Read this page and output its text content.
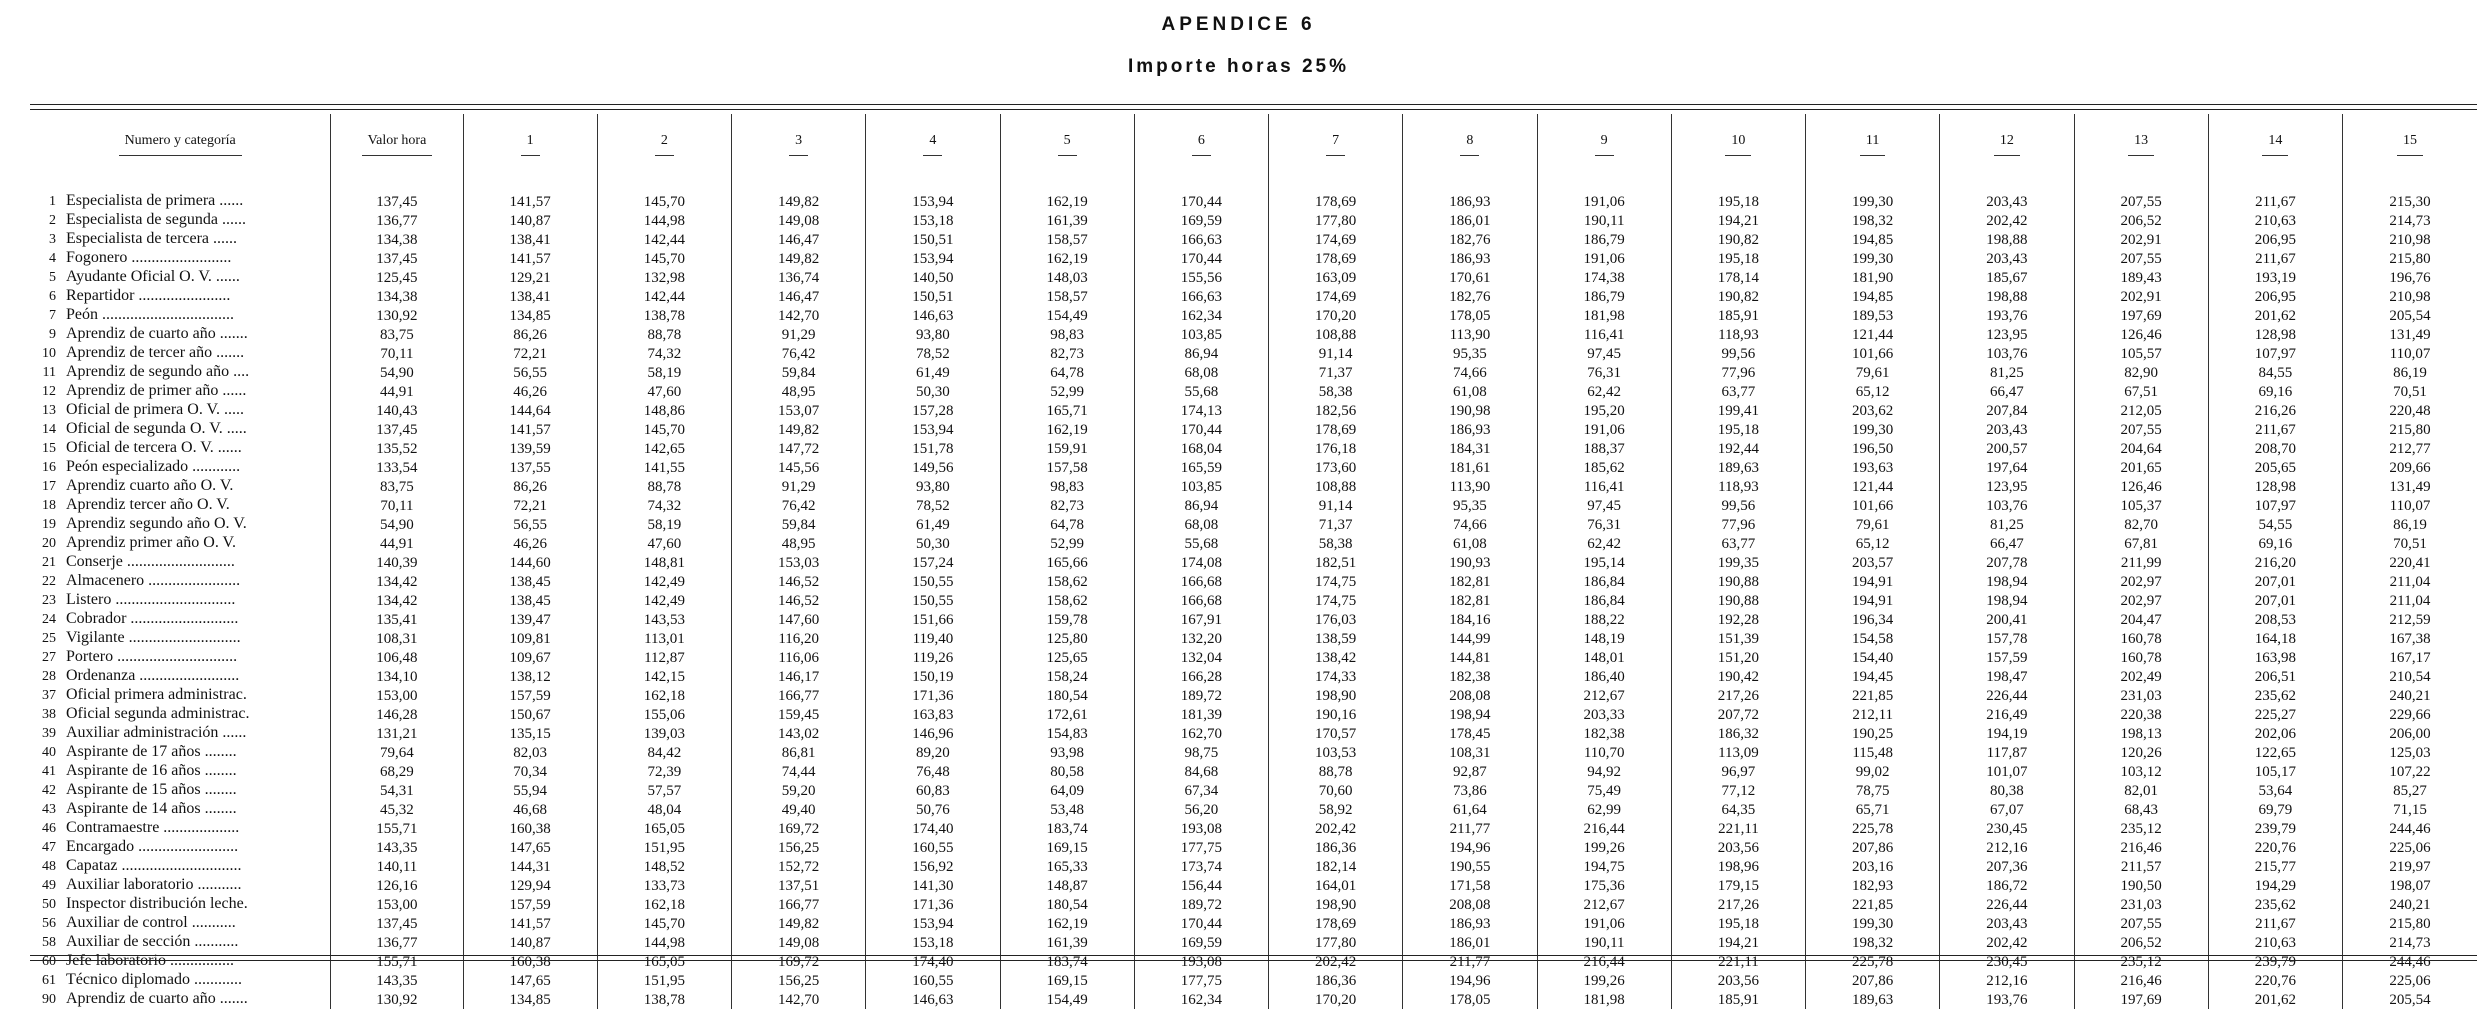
APENDICE 6
Importe horas 25%
Numero y categoría	Valor hora	1	2	3	4	5	6	7	8	9	10	11	12	13	14	15

1 Especialista de primera ......	137,45	141,57	145,70	149,82	153,94	162,19	170,44	178,69	186,93	191,06	195,18	199,30	203,43	207,55	211,67	215,30
2 Especialista de segunda ......	136,77	140,87	144,98	149,08	153,18	161,39	169,59	177,80	186,01	190,11	194,21	198,32	202,42	206,52	210,63	214,73
3 Especialista de tercera ......	134,38	138,41	142,44	146,47	150,51	158,57	166,63	174,69	182,76	186,79	190,82	194,85	198,88	202,91	206,95	210,98
4 Fogonero .........................	137,45	141,57	145,70	149,82	153,94	162,19	170,44	178,69	186,93	191,06	195,18	199,30	203,43	207,55	211,67	215,80
5 Ayudante Oficial O. V. ......	125,45	129,21	132,98	136,74	140,50	148,03	155,56	163,09	170,61	174,38	178,14	181,90	185,67	189,43	193,19	196,76
6 Repartidor .......................	134,38	138,41	142,44	146,47	150,51	158,57	166,63	174,69	182,76	186,79	190,82	194,85	198,88	202,91	206,95	210,98
7 Peón .................................	130,92	134,85	138,78	142,70	146,63	154,49	162,34	170,20	178,05	181,98	185,91	189,53	193,76	197,69	201,62	205,54
9 Aprendiz de cuarto año .......	83,75	86,26	88,78	91,29	93,80	98,83	103,85	108,88	113,90	116,41	118,93	121,44	123,95	126,46	128,98	131,49
10 Aprendiz de tercer año .......	70,11	72,21	74,32	76,42	78,52	82,73	86,94	91,14	95,35	97,45	99,56	101,66	103,76	105,57	107,97	110,07
11 Aprendiz de segundo año ....	54,90	56,55	58,19	59,84	61,49	64,78	68,08	71,37	74,66	76,31	77,96	79,61	81,25	82,90	84,55	86,19
12 Aprendiz de primer año ......	44,91	46,26	47,60	48,95	50,30	52,99	55,68	58,38	61,08	62,42	63,77	65,12	66,47	67,51	69,16	70,51
13 Oficial de primera O. V. .....	140,43	144,64	148,86	153,07	157,28	165,71	174,13	182,56	190,98	195,20	199,41	203,62	207,84	212,05	216,26	220,48
14 Oficial de segunda O. V. .....	137,45	141,57	145,70	149,82	153,94	162,19	170,44	178,69	186,93	191,06	195,18	199,30	203,43	207,55	211,67	215,80
15 Oficial de tercera O. V. ......	135,52	139,59	142,65	147,72	151,78	159,91	168,04	176,18	184,31	188,37	192,44	196,50	200,57	204,64	208,70	212,77
16 Peón especializado ............	133,54	137,55	141,55	145,56	149,56	157,58	165,59	173,60	181,61	185,62	189,63	193,63	197,64	201,65	205,65	209,66
17 Aprendiz cuarto año O. V.	83,75	86,26	88,78	91,29	93,80	98,83	103,85	108,88	113,90	116,41	118,93	121,44	123,95	126,46	128,98	131,49
18 Aprendiz tercer año O. V.	70,11	72,21	74,32	76,42	78,52	82,73	86,94	91,14	95,35	97,45	99,56	101,66	103,76	105,37	107,97	110,07
19 Aprendiz segundo año O. V.	54,90	56,55	58,19	59,84	61,49	64,78	68,08	71,37	74,66	76,31	77,96	79,61	81,25	82,70	54,55	86,19
20 Aprendiz primer año O. V.	44,91	46,26	47,60	48,95	50,30	52,99	55,68	58,38	61,08	62,42	63,77	65,12	66,47	67,81	69,16	70,51
21 Conserje ...........................	140,39	144,60	148,81	153,03	157,24	165,66	174,08	182,51	190,93	195,14	199,35	203,57	207,78	211,99	216,20	220,41
22 Almacenero .......................	134,42	138,45	142,49	146,52	150,55	158,62	166,68	174,75	182,81	186,84	190,88	194,91	198,94	202,97	207,01	211,04
23 Listero ..............................	134,42	138,45	142,49	146,52	150,55	158,62	166,68	174,75	182,81	186,84	190,88	194,91	198,94	202,97	207,01	211,04
24 Cobrador ...........................	135,41	139,47	143,53	147,60	151,66	159,78	167,91	176,03	184,16	188,22	192,28	196,34	200,41	204,47	208,53	212,59
25 Vigilante ............................	108,31	109,81	113,01	116,20	119,40	125,80	132,20	138,59	144,99	148,19	151,39	154,58	157,78	160,78	164,18	167,38
27 Portero ..............................	106,48	109,67	112,87	116,06	119,26	125,65	132,04	138,42	144,81	148,01	151,20	154,40	157,59	160,78	163,98	167,17
28 Ordenanza .........................	134,10	138,12	142,15	146,17	150,19	158,24	166,28	174,33	182,38	186,40	190,42	194,45	198,47	202,49	206,51	210,54
37 Oficial primera administrac.	153,00	157,59	162,18	166,77	171,36	180,54	189,72	198,90	208,08	212,67	217,26	221,85	226,44	231,03	235,62	240,21
38 Oficial segunda administrac.	146,28	150,67	155,06	159,45	163,83	172,61	181,39	190,16	198,94	203,33	207,72	212,11	216,49	220,38	225,27	229,66
39 Auxiliar administración ......	131,21	135,15	139,03	143,02	146,96	154,83	162,70	170,57	178,45	182,38	186,32	190,25	194,19	198,13	202,06	206,00
40 Aspirante de 17 años ........	79,64	82,03	84,42	86,81	89,20	93,98	98,75	103,53	108,31	110,70	113,09	115,48	117,87	120,26	122,65	125,03
41 Aspirante de 16 años ........	68,29	70,34	72,39	74,44	76,48	80,58	84,68	88,78	92,87	94,92	96,97	99,02	101,07	103,12	105,17	107,22
42 Aspirante de 15 años ........	54,31	55,94	57,57	59,20	60,83	64,09	67,34	70,60	73,86	75,49	77,12	78,75	80,38	82,01	53,64	85,27
43 Aspirante de 14 años ........	45,32	46,68	48,04	49,40	50,76	53,48	56,20	58,92	61,64	62,99	64,35	65,71	67,07	68,43	69,79	71,15
46 Contramaestre ...................	155,71	160,38	165,05	169,72	174,40	183,74	193,08	202,42	211,77	216,44	221,11	225,78	230,45	235,12	239,79	244,46
47 Encargado .........................	143,35	147,65	151,95	156,25	160,55	169,15	177,75	186,36	194,96	199,26	203,56	207,86	212,16	216,46	220,76	225,06
48 Capataz ..............................	140,11	144,31	148,52	152,72	156,92	165,33	173,74	182,14	190,55	194,75	198,96	203,16	207,36	211,57	215,77	219,97
49 Auxiliar laboratorio ...........	126,16	129,94	133,73	137,51	141,30	148,87	156,44	164,01	171,58	175,36	179,15	182,93	186,72	190,50	194,29	198,07
50 Inspector distribución leche.	153,00	157,59	162,18	166,77	171,36	180,54	189,72	198,90	208,08	212,67	217,26	221,85	226,44	231,03	235,62	240,21
56 Auxiliar de control ...........	137,45	141,57	145,70	149,82	153,94	162,19	170,44	178,69	186,93	191,06	195,18	199,30	203,43	207,55	211,67	215,80
58 Auxiliar de sección ...........	136,77	140,87	144,98	149,08	153,18	161,39	169,59	177,80	186,01	190,11	194,21	198,32	202,42	206,52	210,63	214,73
60 Jefe laboratorio ................	155,71	160,38	165,05	169,72	174,40	183,74	193,08	202,42	211,77	216,44	221,11	225,78	230,45	235,12	239,79	244,46
61 Técnico diplomado ............	143,35	147,65	151,95	156,25	160,55	169,15	177,75	186,36	194,96	199,26	203,56	207,86	212,16	216,46	220,76	225,06
90 Aprendiz de cuarto año .......	130,92	134,85	138,78	142,70	146,63	154,49	162,34	170,20	178,05	181,98	185,91	189,63	193,76	197,69	201,62	205,54
